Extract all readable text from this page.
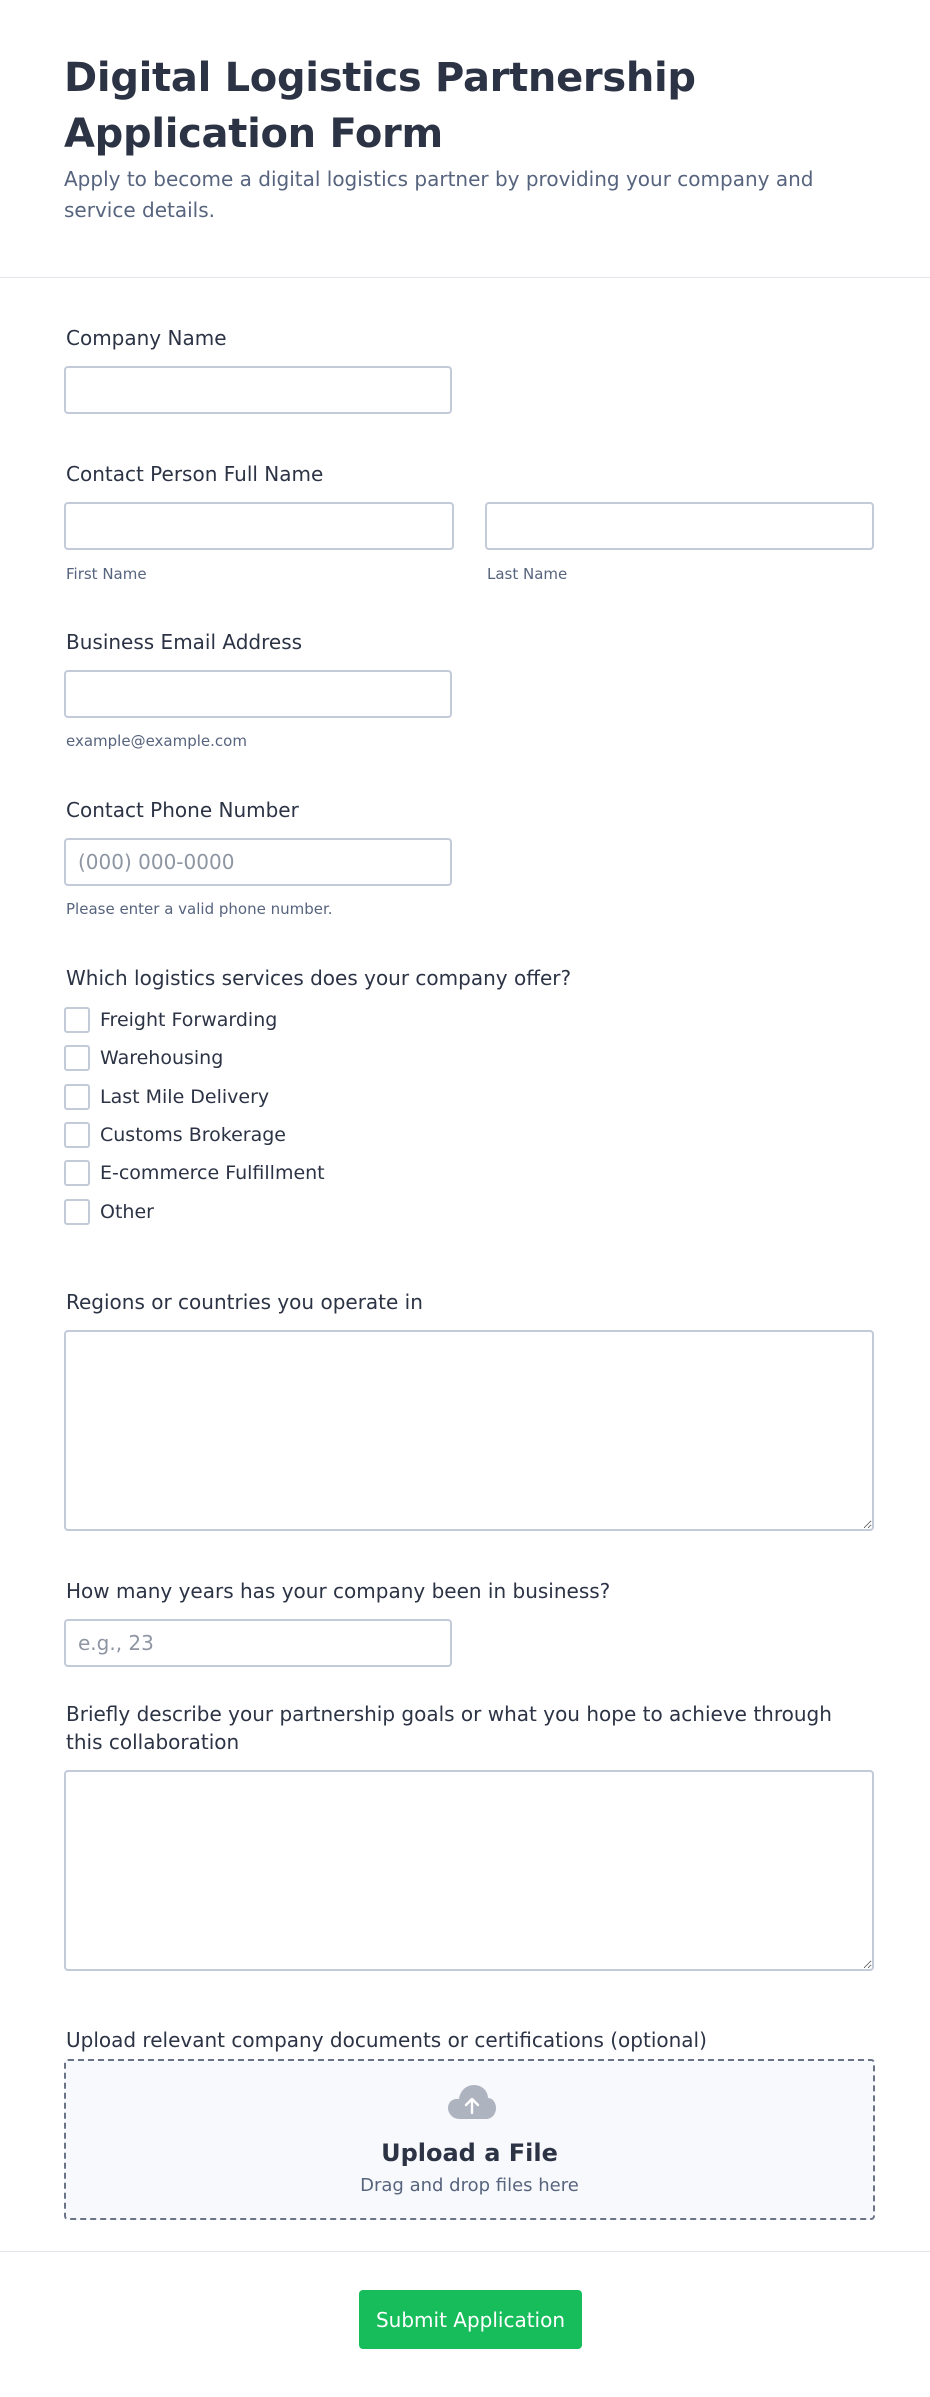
Digital Logistics Partnership Application Form

Apply to become a digital logistics partner by providing your company and service details.

Company Name
Contact Person Full Name
First Name	Last Name
Business Email Address
example@example.com
Contact Phone Number
(000) 000-0000
Please enter a valid phone number.
Which logistics services does your company offer?
Freight Forwarding
Warehousing
Last Mile Delivery
Customs Brokerage
E-commerce Fulfillment
Other
Regions or countries you operate in
How many years has your company been in business?
e.g., 23
Briefly describe your partnership goals or what you hope to achieve through this collaboration
Upload relevant company documents or certifications (optional)
Upload a File
Drag and drop files here
Submit Application
